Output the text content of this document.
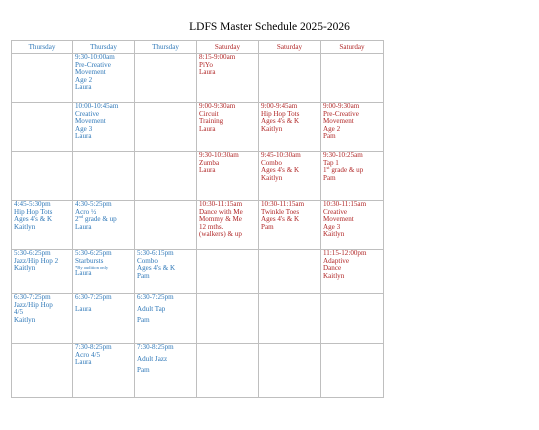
LDFS Master Schedule 2025-2026
Thursday	Thursday	Thursday	Saturday	Saturday	Saturday

	9:30-10:00am
Pre-Creative
Movement
Age 2
Laura		8:15-9:00am
PiYo
Laura		

	10:00-10:45am
Creative
Movement
Age 3
Laura		9:00-9:30am
Circuit
Training
Laura	9:00-9:45am
Hip Hop Tots
Ages 4's & K
Kaitlyn	9:00-9:30am
Pre-Creative
Movement
Age 2
Pam

			9:30-10:30am
Zumba
Laura	9:45-10:30am
Combo
Ages 4's & K
Kaitlyn	9:30-10:25am
Tap 1
1st grade & up
Pam

4:45-5:30pm
Hip Hop Tots
Ages 4's & K
Kaitlyn	4:30-5:25pm
Acro ½
2nd grade & up
Laura		10:30-11:15am
Dance with Me
Mommy & Me
12 mths.
(walkers) & up	10:30-11:15am
Twinkle Toes
Ages 4's & K
Pam	10:30-11:15am
Creative
Movement
Age 3
Kaitlyn

5:30-6:25pm
Jazz/Hip Hop 2
Kaitlyn	5:30-6:25pm
Starbursts
*By audition only
Laura	5:30-6:15pm
Combo
Ages 4's & K
Pam			11:15-12:00pm
Adaptive
Dance
Kaitlyn

6:30-7:25pm
Jazz/Hip Hop
4/5
Kaitlyn	6:30-7:25pm
Laura	6:30-7:25pm
Adult Tap
Pam			

	7:30-8:25pm
Acro 4/5
Laura	7:30-8:25pm
Adult Jazz
Pam			
